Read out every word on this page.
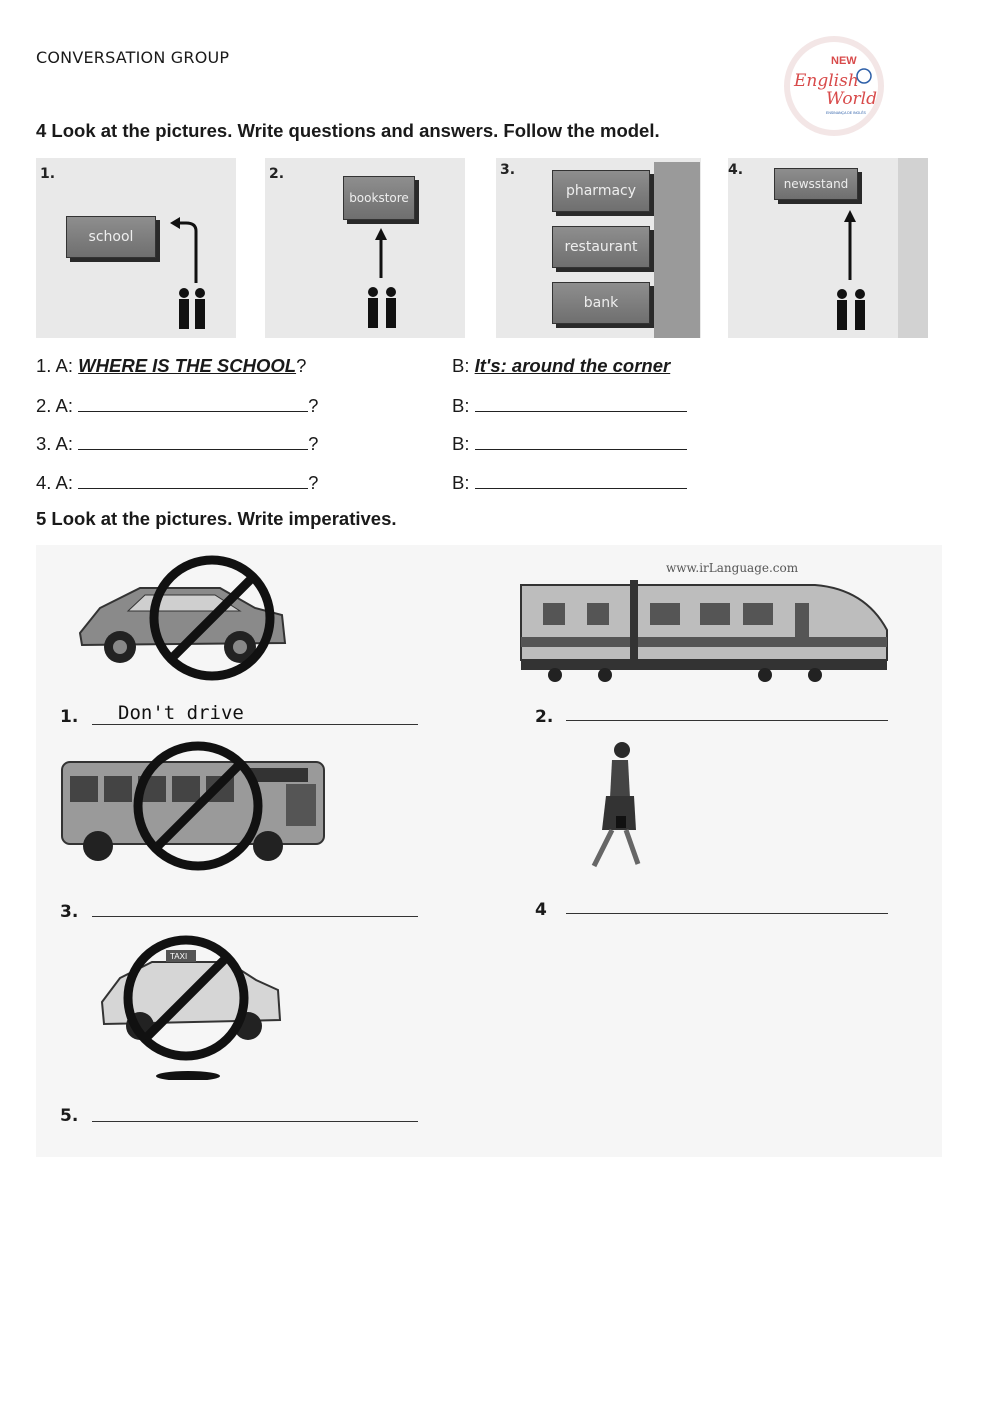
CONVERSATION GROUP	NEW
English
World
ENSINANÇA DE INGLÊS
4 Look at the pictures. Write questions and answers. Follow the model.
1.
school
2.
bookstore
3.
pharmacy
restaurant
bank
4.
newsstand
1. A: WHERE IS THE SCHOOL?	B: It's: around the corner
2. A:	?	B:
3. A:	?	B:
4. A:	?	B:
5 Look at the pictures. Write imperatives.
1. Don't drive
www.irLanguage.com
2.
3.	4
TAXI
5.
